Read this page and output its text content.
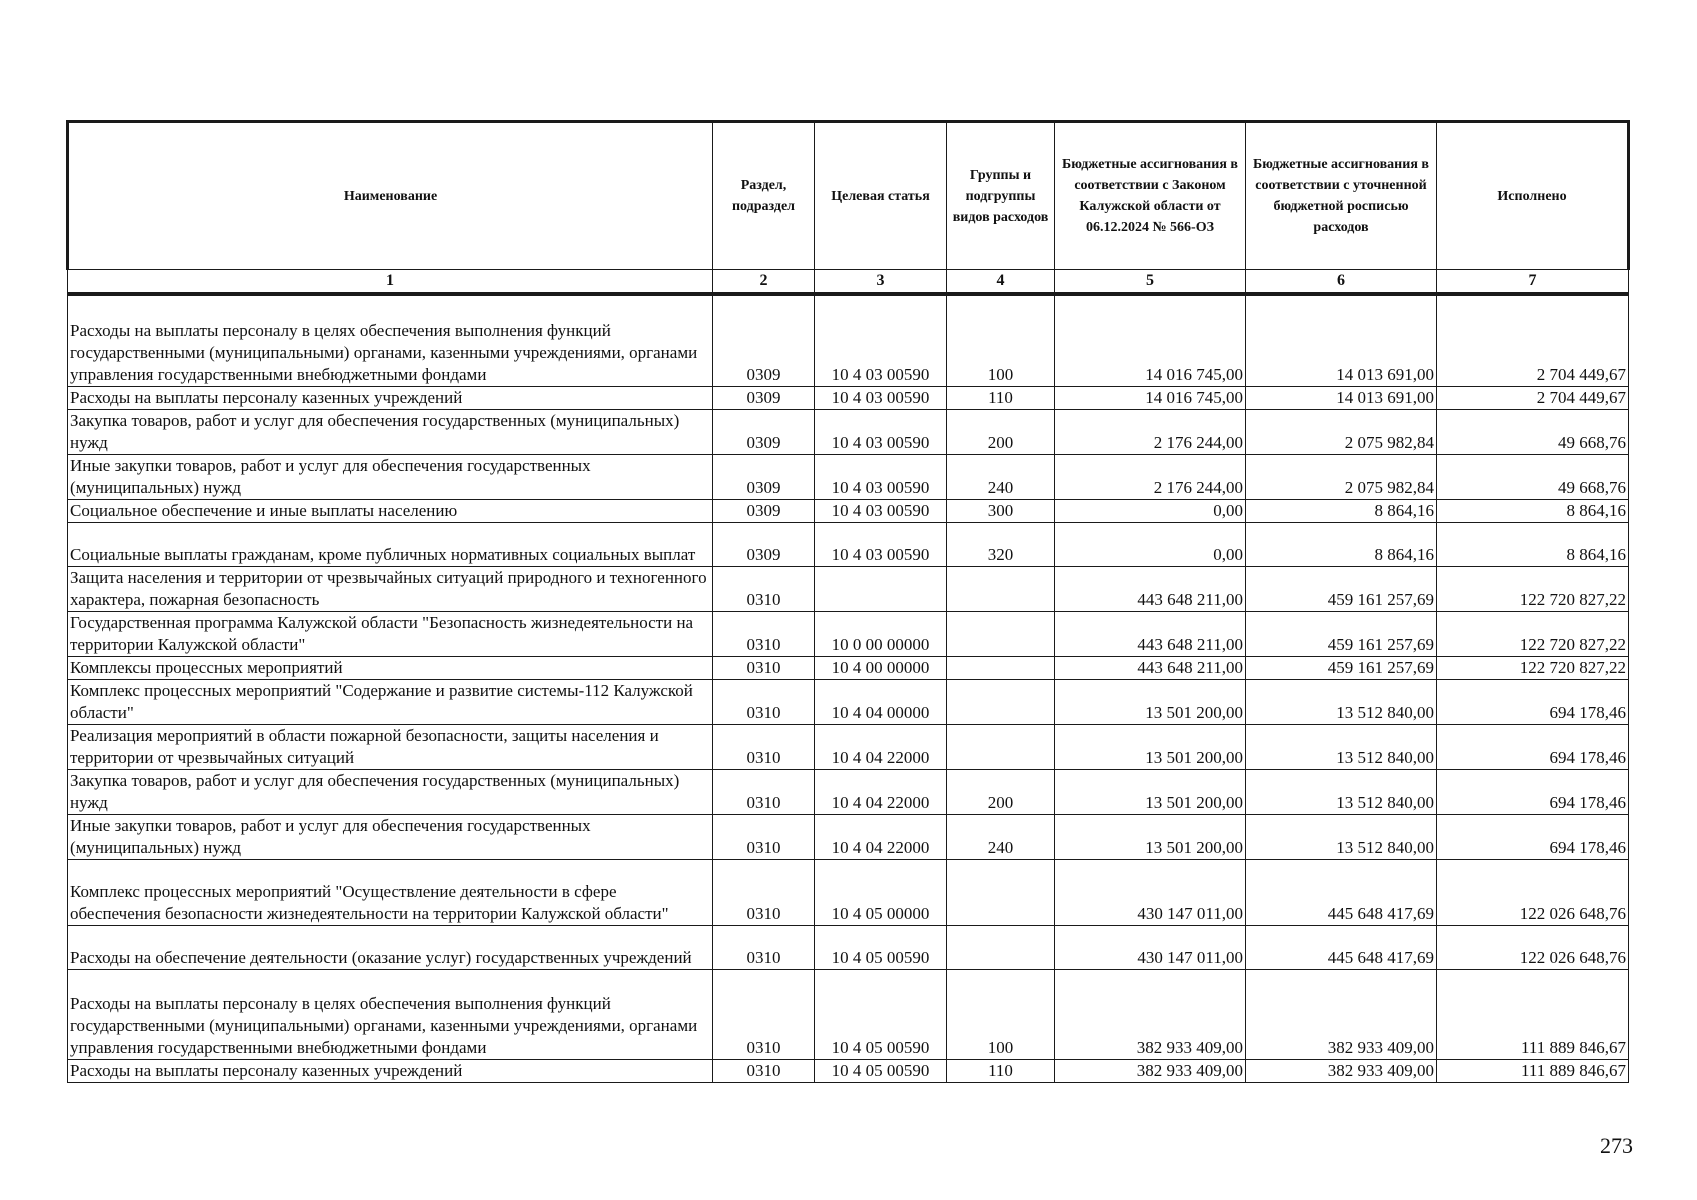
Наименование	Раздел, подраздел	Целевая статья	Группы и подгруппы видов расходов	Бюджетные ассигнования в соответствии с Законом Калужской области от 06.12.2024 № 566-ОЗ	Бюджетные ассигнования в соответствии с уточненной бюджетной росписью расходов	Исполнено
1	2	3	4	5	6	7
Расходы на выплаты персоналу в целях обеспечения выполнения функций государственными (муниципальными) органами, казенными учреждениями, органами управления государственными внебюджетными фондами	0309	10 4 03 00590	100	14 016 745,00	14 013 691,00	2 704 449,67
Расходы на выплаты персоналу казенных учреждений	0309	10 4 03 00590	110	14 016 745,00	14 013 691,00	2 704 449,67
Закупка товаров, работ и услуг для обеспечения государственных (муниципальных) нужд	0309	10 4 03 00590	200	2 176 244,00	2 075 982,84	49 668,76
Иные закупки товаров, работ и услуг для обеспечения государственных (муниципальных) нужд	0309	10 4 03 00590	240	2 176 244,00	2 075 982,84	49 668,76
Социальное обеспечение и иные выплаты населению	0309	10 4 03 00590	300	0,00	8 864,16	8 864,16
Социальные выплаты гражданам, кроме публичных нормативных социальных выплат	0309	10 4 03 00590	320	0,00	8 864,16	8 864,16
Защита населения и территории от чрезвычайных ситуаций природного и техногенного характера, пожарная безопасность	0310			443 648 211,00	459 161 257,69	122 720 827,22
Государственная программа Калужской области "Безопасность жизнедеятельности на территории Калужской области"	0310	10 0 00 00000		443 648 211,00	459 161 257,69	122 720 827,22
Комплексы процессных мероприятий	0310	10 4 00 00000		443 648 211,00	459 161 257,69	122 720 827,22
Комплекс процессных мероприятий "Содержание и развитие системы-112 Калужской области"	0310	10 4 04 00000		13 501 200,00	13 512 840,00	694 178,46
Реализация мероприятий в области пожарной безопасности, защиты населения и территории от чрезвычайных ситуаций	0310	10 4 04 22000		13 501 200,00	13 512 840,00	694 178,46
Закупка товаров, работ и услуг для обеспечения государственных (муниципальных) нужд	0310	10 4 04 22000	200	13 501 200,00	13 512 840,00	694 178,46
Иные закупки товаров, работ и услуг для обеспечения государственных (муниципальных) нужд	0310	10 4 04 22000	240	13 501 200,00	13 512 840,00	694 178,46
Комплекс процессных мероприятий "Осуществление деятельности в сфере обеспечения безопасности жизнедеятельности на территории Калужской области"	0310	10 4 05 00000		430 147 011,00	445 648 417,69	122 026 648,76
Расходы на обеспечение деятельности (оказание услуг) государственных учреждений	0310	10 4 05 00590		430 147 011,00	445 648 417,69	122 026 648,76
Расходы на выплаты персоналу в целях обеспечения выполнения функций государственными (муниципальными) органами, казенными учреждениями, органами управления государственными внебюджетными фондами	0310	10 4 05 00590	100	382 933 409,00	382 933 409,00	111 889 846,67
Расходы на выплаты персоналу казенных учреждений	0310	10 4 05 00590	110	382 933 409,00	382 933 409,00	111 889 846,67
273
